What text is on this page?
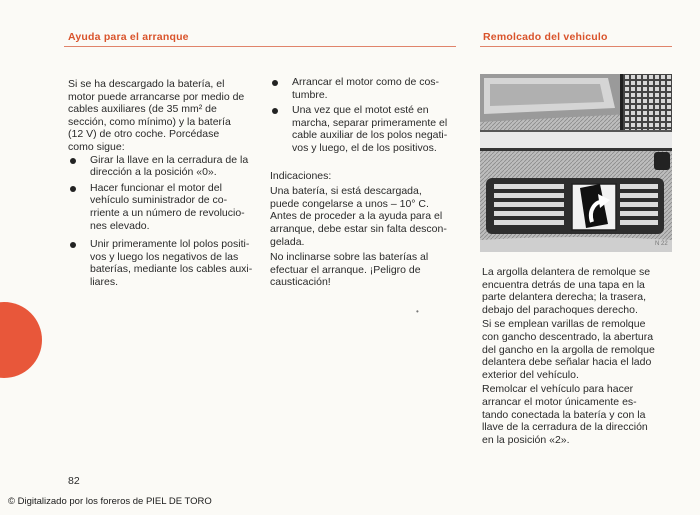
Ayuda para el arranque	Remolcado del vehiculo

Si se ha descargado la batería, el
motor puede arrancarse por medio de
cables auxiliares (de 35 mm² de
sección, como mínimo) y la batería
(12 V) de otro coche. Porcédase
como sigue:

Girar la llave en la cerradura de la
dirección a la posición «0».
Hacer funcionar el motor del
vehículo suministrador de co-
rriente a un número de revolucio-
nes elevado.
Unir primeramente lol polos positi-
vos y luego los negativos de las
baterías, mediante los cables auxi-
liares.
Arrancar el motor como de cos-
tumbre.
Una vez que el motot esté en
marcha, separar primeramente el
cable auxiliar de los polos negati-
vos y luego, el de los positivos.

Indicaciones:

Una batería, si está descargada,
puede congelarse a unos – 10° C.
Antes de proceder a la ayuda para el
arranque, debe estar sin falta descon-
gelada.

No inclinarse sobre las baterías al
efectuar el arranque. ¡Peligro de
causticación!

N 22

La argolla delantera de remolque se
encuentra detrás de una tapa en la
parte delantera derecha; la trasera,
debajo del parachoques derecho.

Si se emplean varillas de remolque
con gancho descentrado, la abertura
del gancho en la argolla de remolque
delantera debe señalar hacia el lado
exterior del vehículo.

Remolcar el vehículo para hacer
arrancar el motor únicamente es-
tando conectada la batería y con la
llave de la cerradura de la dirección
en la posición «2».

•
82
© Digitalizado por los foreros de PIEL DE TORO
